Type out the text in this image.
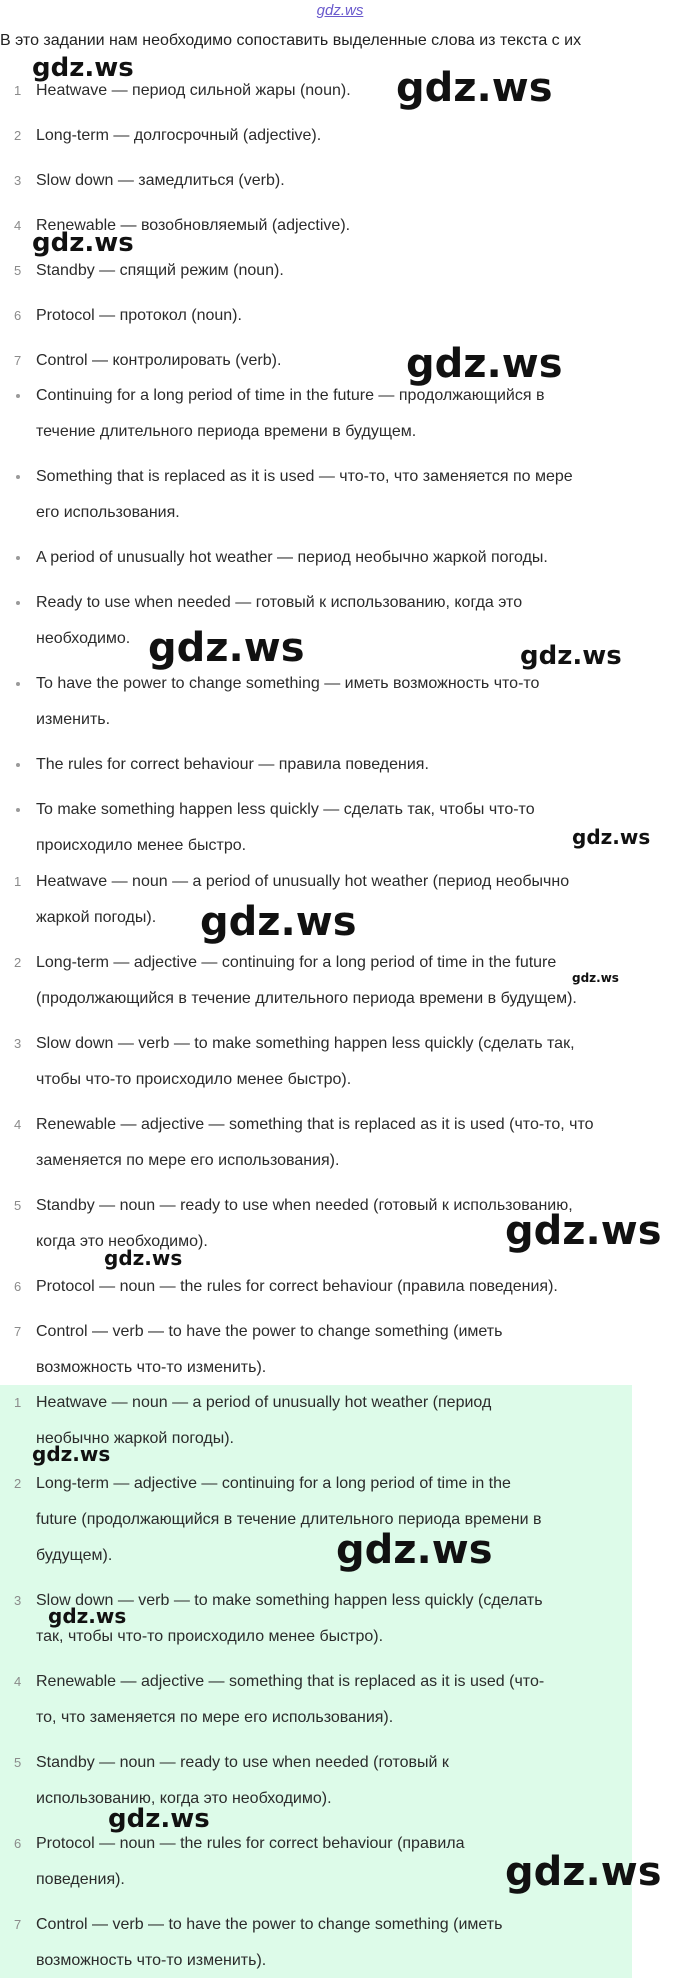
gdz.ws
В это задании нам необходимо сопоставить выделенные слова из текста с их
1 Heatwave — период сильной жары (noun).
2 Long-term — долгосрочный (adjective).
3 Slow down — замедлиться (verb).
4 Renewable — возобновляемый (adjective).
5 Standby — спящий режим (noun).
6 Protocol — протокол (noun).
7 Control — контролировать (verb).
Continuing for a long period of time in the future — продолжающийся в
течение длительного периода времени в будущем.
Something that is replaced as it is used — что-то, что заменяется по мере
его использования.
A period of unusually hot weather — период необычно жаркой погоды.
Ready to use when needed — готовый к использованию, когда это
необходимо.
To have the power to change something — иметь возможность что-то
изменить.
The rules for correct behaviour — правила поведения.
To make something happen less quickly — сделать так, чтобы что-то
происходило менее быстро.
1 Heatwave — noun — a period of unusually hot weather (период необычно
жаркой погоды).
2 Long-term — adjective — continuing for a long period of time in the future
(продолжающийся в течение длительного периода времени в будущем).
3 Slow down — verb — to make something happen less quickly (сделать так,
чтобы что-то происходило менее быстро).
4 Renewable — adjective — something that is replaced as it is used (что-то, что
заменяется по мере его использования).
5 Standby — noun — ready to use when needed (готовый к использованию,
когда это необходимо).
6 Protocol — noun — the rules for correct behaviour (правила поведения).
7 Control — verb — to have the power to change something (иметь
возможность что-то изменить).
1 Heatwave — noun — a period of unusually hot weather (период
необычно жаркой погоды).
2 Long-term — adjective — continuing for a long period of time in the
future (продолжающийся в течение длительного периода времени в
будущем).
3 Slow down — verb — to make something happen less quickly (сделать
так, чтобы что-то происходило менее быстро).
4 Renewable — adjective — something that is replaced as it is used (что-
то, что заменяется по мере его использования).
5 Standby — noun — ready to use when needed (готовый к
использованию, когда это необходимо).
6 Protocol — noun — the rules for correct behaviour (правила
поведения).
7 Control — verb — to have the power to change something (иметь
возможность что-то изменить).
gdz.ws
gdz.ws
gdz.ws
gdz.ws
gdz.ws	gdz.ws
gdz.ws
gdz.ws
gdz.ws
gdz.ws
gdz.ws
gdz.ws
gdz.ws
gdz.ws
gdz.ws
gdz.ws
